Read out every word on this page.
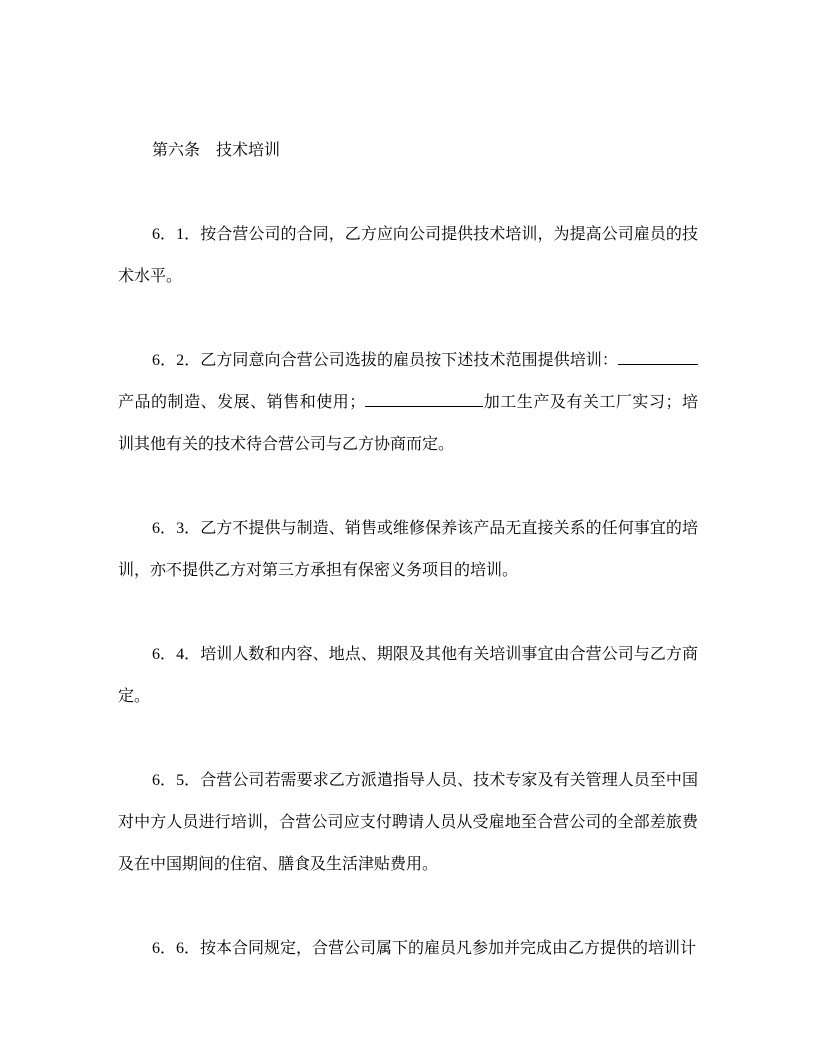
第六条　技术培训

6．1．按合营公司的合同，乙方应向公司提供技术培训，为提高公司雇员的技术水平。

6．2．乙方同意向合营公司选拔的雇员按下述技术范围提供培训：产品的制造、发展、销售和使用；	加工生产及有关工厂实习；培训其他有关的技术待合营公司与乙方协商而定。

6．3．乙方不提供与制造、销售或维修保养该产品无直接关系的任何事宜的培训，亦不提供乙方对第三方承担有保密义务项目的培训。

6．4．培训人数和内容、地点、期限及其他有关培训事宜由合营公司与乙方商定。

6．5．合营公司若需要求乙方派遣指导人员、技术专家及有关管理人员至中国对中方人员进行培训，合营公司应支付聘请人员从受雇地至合营公司的全部差旅费及在中国期间的住宿、膳食及生活津贴费用。

6．6．按本合同规定，合营公司属下的雇员凡参加并完成由乙方提供的培训计
